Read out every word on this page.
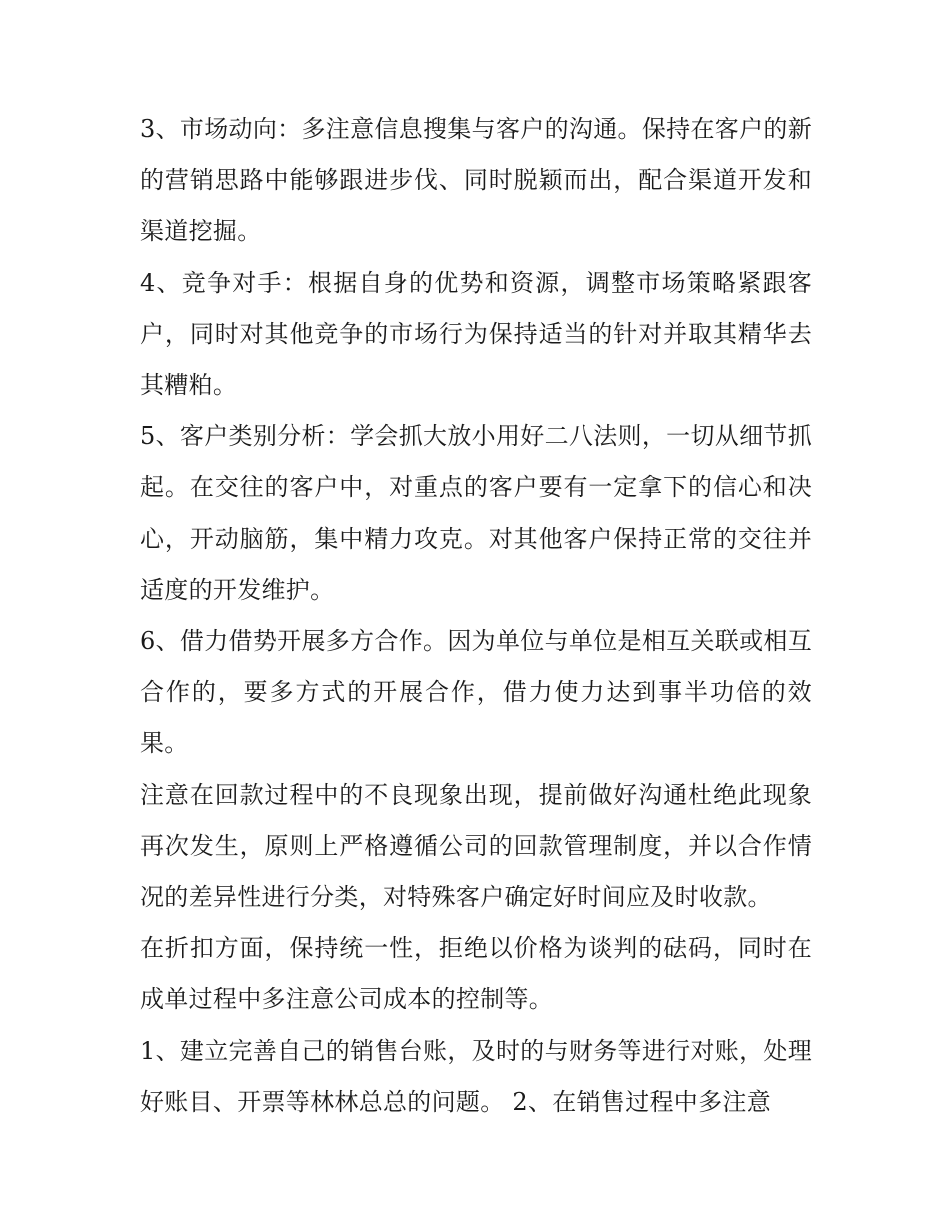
3、市场动向：多注意信息搜集与客户的沟通。保持在客户的新的营销思路中能够跟进步伐、同时脱颖而出，配合渠道开发和渠道挖掘。

4、竞争对手：根据自身的优势和资源，调整市场策略紧跟客户，同时对其他竞争的市场行为保持适当的针对并取其精华去其糟粕。

5、客户类别分析：学会抓大放小用好二八法则，一切从细节抓起。在交往的客户中，对重点的客户要有一定拿下的信心和决心，开动脑筋，集中精力攻克。对其他客户保持正常的交往并适度的开发维护。

6、借力借势开展多方合作。因为单位与单位是相互关联或相互合作的，要多方式的开展合作，借力使力达到事半功倍的效果。

注意在回款过程中的不良现象出现，提前做好沟通杜绝此现象再次发生，原则上严格遵循公司的回款管理制度，并以合作情况的差异性进行分类，对特殊客户确定好时间应及时收款。

在折扣方面，保持统一性，拒绝以价格为谈判的砝码，同时在成单过程中多注意公司成本的控制等。

1、建立完善自己的销售台账，及时的与财务等进行对账，处理好账目、开票等林林总总的问题。 2、在销售过程中多注意
